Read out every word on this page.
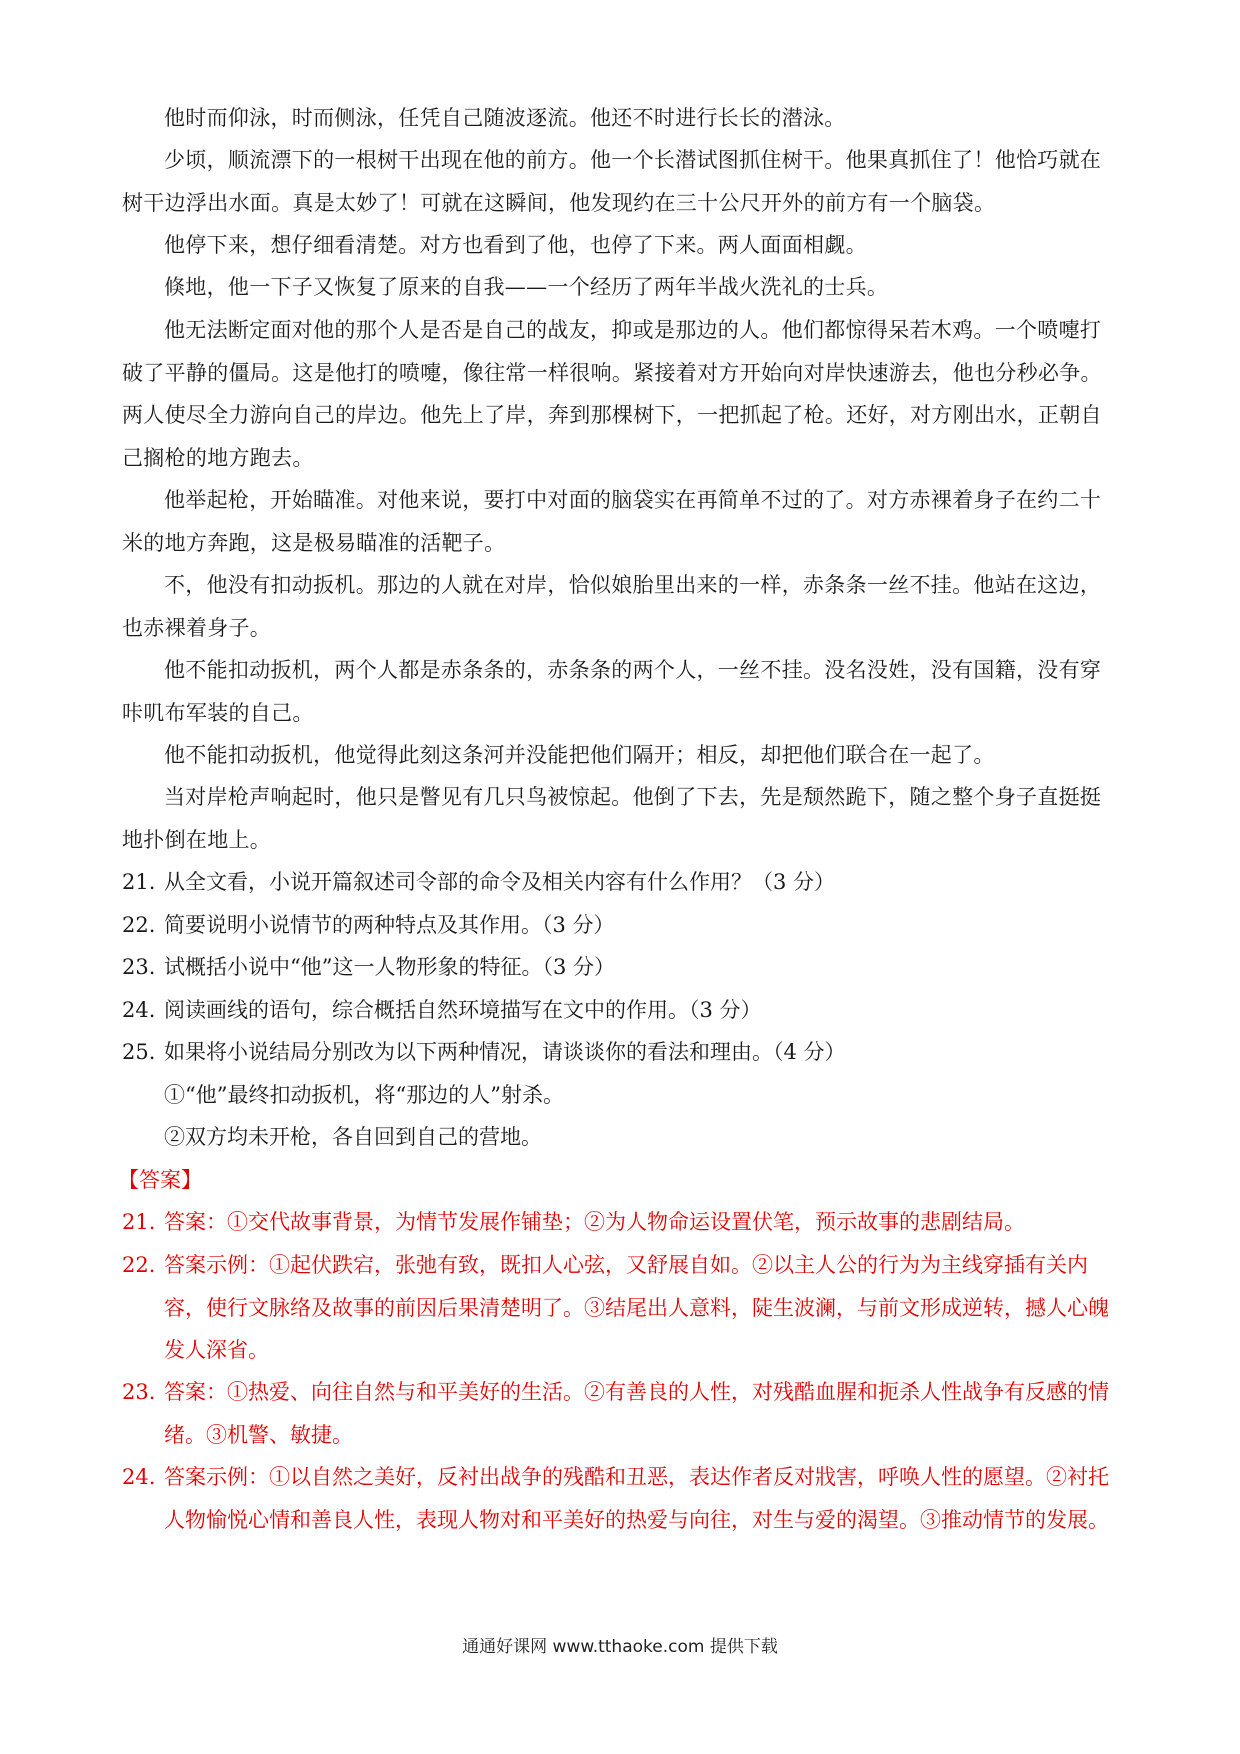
他时而仰泳，时而侧泳，任凭自己随波逐流。他还不时进行长长的潜泳。

少顷，顺流漂下的一根树干出现在他的前方。他一个长潜试图抓住树干。他果真抓住了！他恰巧就在树干边浮出水面。真是太妙了！可就在这瞬间，他发现约在三十公尺开外的前方有一个脑袋。

他停下来，想仔细看清楚。对方也看到了他，也停了下来。两人面面相觑。

倏地，他一下子又恢复了原来的自我——一个经历了两年半战火洗礼的士兵。

他无法断定面对他的那个人是否是自己的战友，抑或是那边的人。他们都惊得呆若木鸡。一个喷嚏打破了平静的僵局。这是他打的喷嚏，像往常一样很响。紧接着对方开始向对岸快速游去，他也分秒必争。两人使尽全力游向自己的岸边。他先上了岸，奔到那棵树下，一把抓起了枪。还好，对方刚出水，正朝自己搁枪的地方跑去。

他举起枪，开始瞄准。对他来说，要打中对面的脑袋实在再简单不过的了。对方赤裸着身子在约二十米的地方奔跑，这是极易瞄准的活靶子。

不，他没有扣动扳机。那边的人就在对岸，恰似娘胎里出来的一样，赤条条一丝不挂。他站在这边，也赤裸着身子。

他不能扣动扳机，两个人都是赤条条的，赤条条的两个人，一丝不挂。没名没姓，没有国籍，没有穿咔叽布军装的自己。

他不能扣动扳机，他觉得此刻这条河并没能把他们隔开；相反，却把他们联合在一起了。

当对岸枪声响起时，他只是瞥见有几只鸟被惊起。他倒了下去，先是颓然跪下，随之整个身子直挺挺地扑倒在地上。

21. 从全文看，小说开篇叙述司令部的命令及相关内容有什么作用？（3 分）

22. 简要说明小说情节的两种特点及其作用。（3 分）

23. 试概括小说中“他”这一人物形象的特征。（3 分）

24. 阅读画线的语句，综合概括自然环境描写在文中的作用。（3 分）

25. 如果将小说结局分别改为以下两种情况，请谈谈你的看法和理由。（4 分）

①“他”最终扣动扳机，将“那边的人”射杀。

②双方均未开枪，各自回到自己的营地。

【答案】

21. 答案：①交代故事背景，为情节发展作铺垫；②为人物命运设置伏笔，预示故事的悲剧结局。

22. 答案示例：①起伏跌宕，张弛有致，既扣人心弦，又舒展自如。②以主人公的行为为主线穿插有关内容，使行文脉络及故事的前因后果清楚明了。③结尾出人意料，陡生波澜，与前文形成逆转，撼人心魄发人深省。

23. 答案：①热爱、向往自然与和平美好的生活。②有善良的人性，对残酷血腥和扼杀人性战争有反感的情绪。③机警、敏捷。

24. 答案示例：①以自然之美好，反衬出战争的残酷和丑恶，表达作者反对戕害，呼唤人性的愿望。②衬托人物愉悦心情和善良人性，表现人物对和平美好的热爱与向往，对生与爱的渴望。③推动情节的发展。

通通好课网 www.tthaoke.com 提供下载
